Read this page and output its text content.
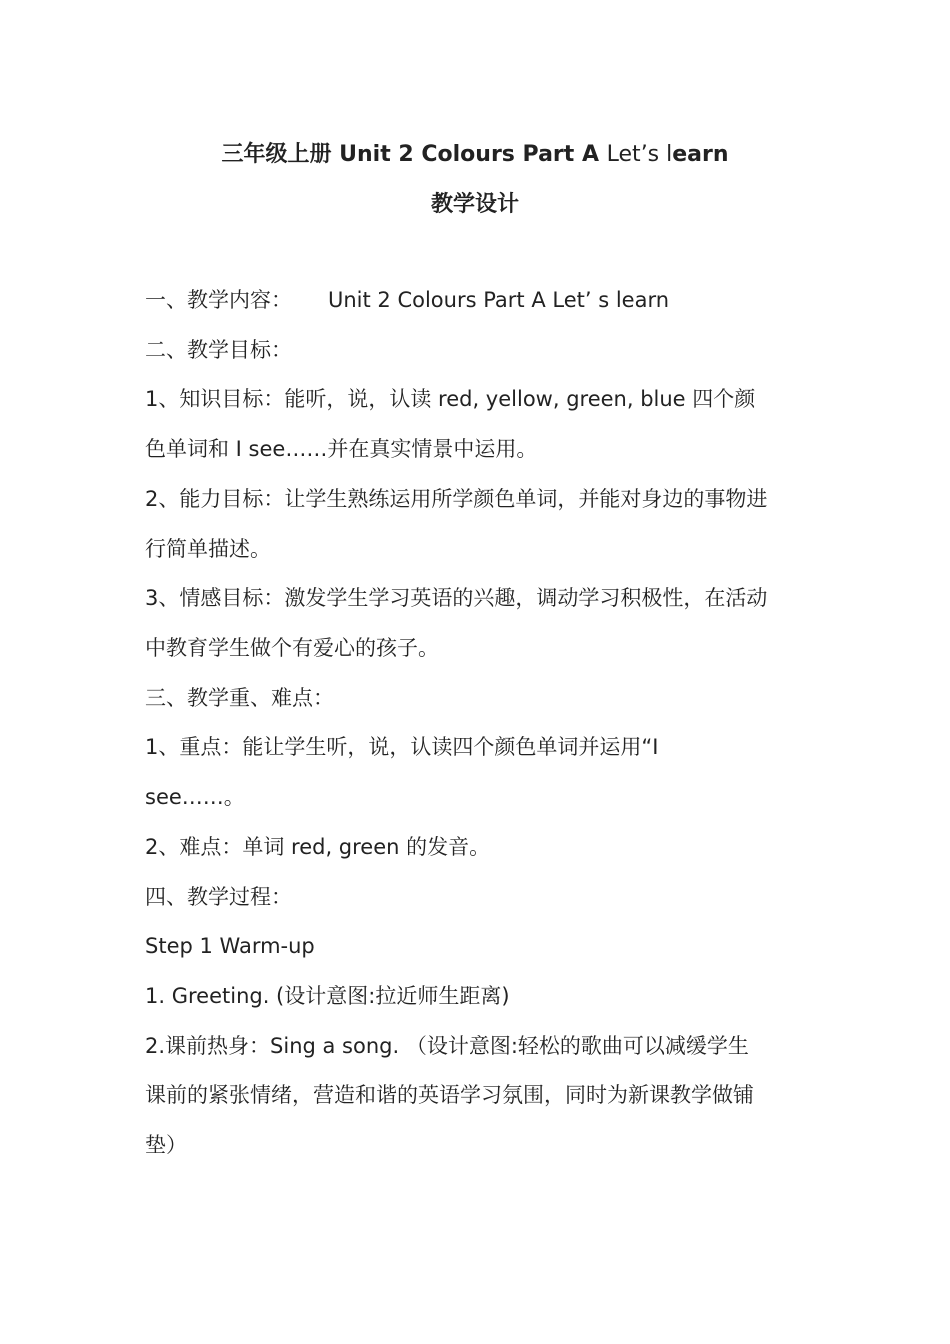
三年级上册 Unit 2 Colours Part A Let’s learn
教学设计
一、教学内容： Unit 2 Colours Part A Let’ s learn
二、教学目标：
1、知识目标：能听，说，认读 red, yellow, green, blue 四个颜
色单词和 I see……并在真实情景中运用。
2、能力目标：让学生熟练运用所学颜色单词，并能对身边的事物进
行简单描述。
3、情感目标：激发学生学习英语的兴趣，调动学习积极性，在活动
中教育学生做个有爱心的孩子。
三、教学重、难点：
1、重点：能让学生听，说，认读四个颜色单词并运用“I
see……。
2、难点：单词 red, green 的发音。
四、教学过程：
Step 1 Warm-up
1. Greeting. (设计意图:拉近师生距离)
2.课前热身：Sing a song. （设计意图:轻松的歌曲可以减缓学生
课前的紧张情绪，营造和谐的英语学习氛围，同时为新课教学做铺
垫）
